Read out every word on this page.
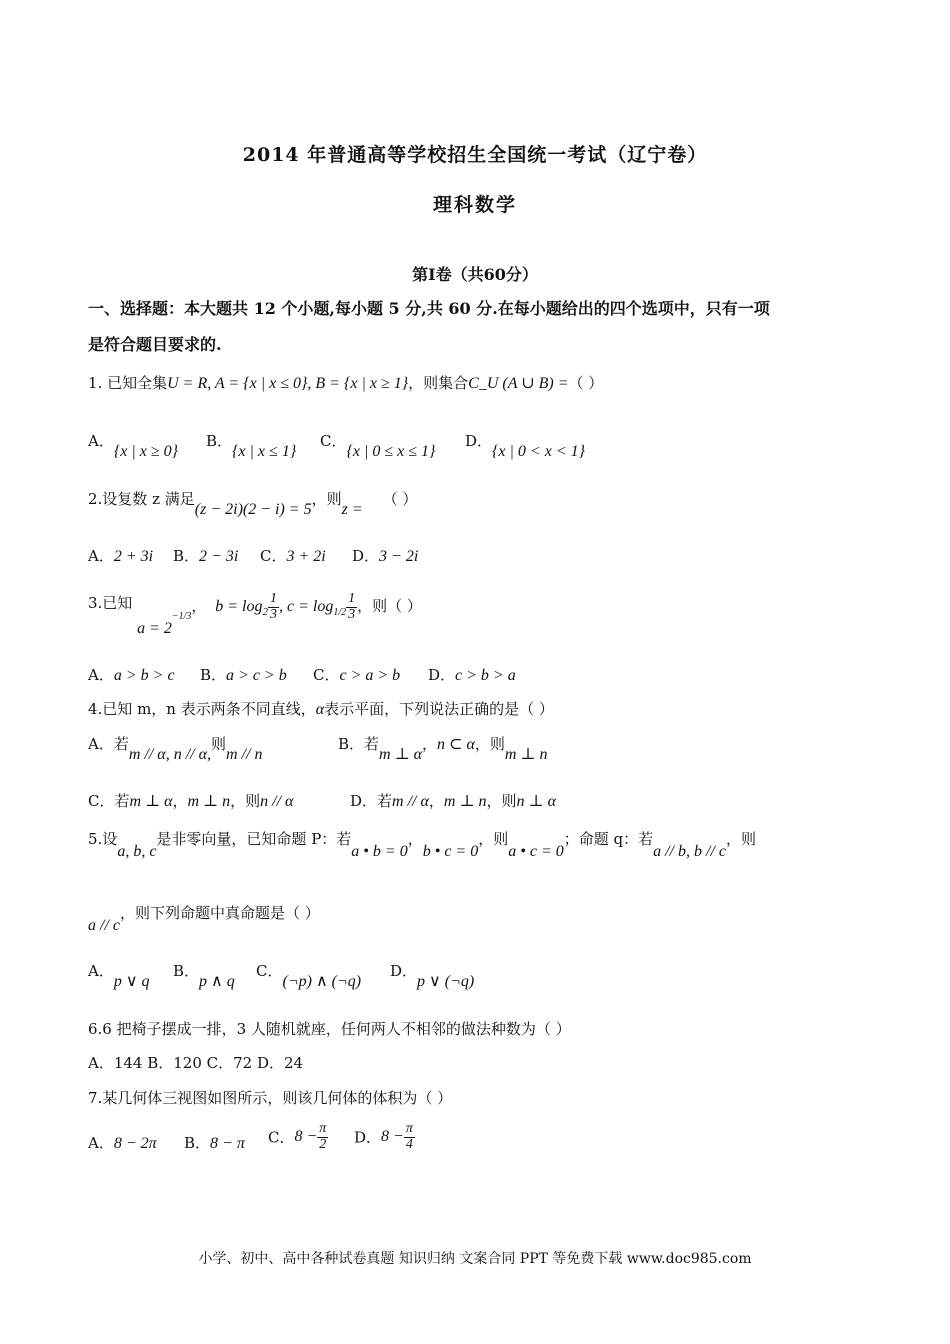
2014 年普通高等学校招生全国统一考试（辽宁卷）
理科数学
第Ⅰ卷（共60分）
一、选择题：本大题共 12 个小题,每小题 5 分,共 60 分.在每小题给出的四个选项中，只有一项
是符合题目要求的.
1. 已知全集U = R, A = {x | x ≤ 0}, B = {x | x ≥ 1}，则集合C_U (A ∪ B) =（ ）
A．{x | x ≥ 0}
B．{x | x ≤ 1}
C．{x | 0 ≤ x ≤ 1}
D．{x | 0 < x < 1}
2.设复数 z 满足(z − 2i)(2 − i) = 5，则z =（ ）
A．2 + 3i B．2 − 3i C．3 + 2i D．3 − 2i
3.已知 $a = 2^{-1/3}$， $b = \log_2 \frac{1}{3}$ , $c = \log_{1/2} \frac{1}{3}$ ，则（ ）
A．a > b > c B．a > c > b C．c > a > b D．c > b > a
4.已知 m，n 表示两条不同直线，α表示平面，下列说法正确的是（ ）
A．若m // α, n // α,则m // n
B．若m ⊥ α，n ⊂ α，则m ⊥ n
C．若m ⊥ α，m ⊥ n，则n // α	D．若m // α，m ⊥ n，则n ⊥ α
5.设a, b, c是非零向量，已知命题 P：若a • b = 0，b • c = 0，则a • c = 0；命题 q：若a // b, b // c，则
a // c，则下列命题中真命题是（ ）
A．p ∨ q
B．p ∧ q
C．(¬p) ∧ (¬q)
D．p ∨ (¬q)
6.6 把椅子摆成一排，3 人随机就座，任何两人不相邻的做法种数为（ ）
A．144 B．120 C．72 D．24
7.某几何体三视图如图所示，则该几何体的体积为（ ）
A．8 − 2π B．8 − π C．$8 - \frac{\pi}{2}$ D．$8 - \frac{\pi}{4}$
小学、初中、高中各种试卷真题 知识归纳 文案合同 PPT 等免费下载 www.doc985.com
